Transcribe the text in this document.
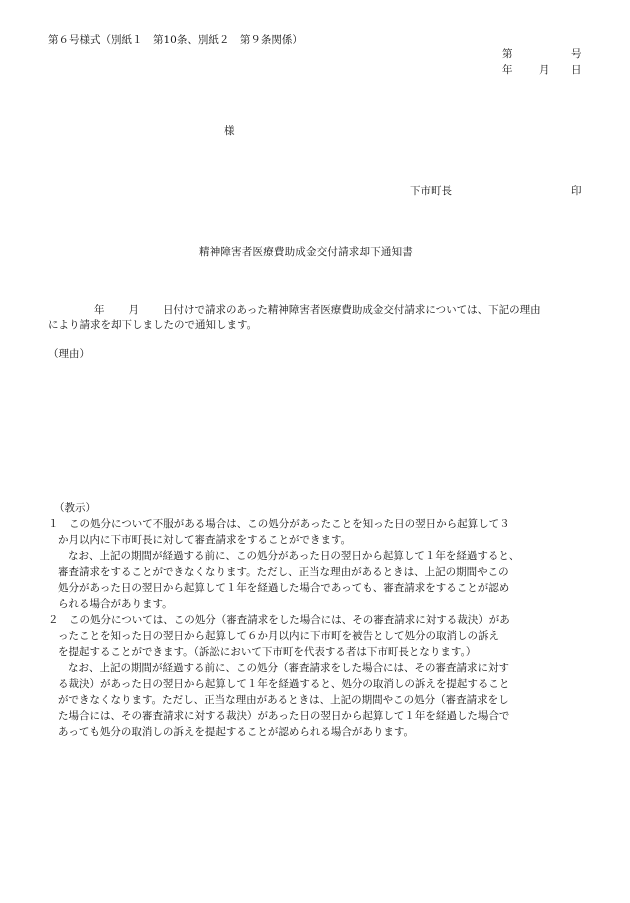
第６号様式（別紙１　第10条、別紙２　第９条関係）
第	号
年	月 日
様
下市町長	印
精神障害者医療費助成金交付請求却下通知書
年 月 日付けで請求のあった精神障害者医療費助成金交付請求については、下記の理由
により請求を却下しましたので通知します。
（理由）
（教示）
１　この処分について不服がある場合は、この処分があったことを知った日の翌日から起算して３
か月以内に下市町長に対して審査請求をすることができます。
なお、上記の期間が経過する前に、この処分があった日の翌日から起算して１年を経過すると、
審査請求をすることができなくなります。ただし、正当な理由があるときは、上記の期間やこの
処分があった日の翌日から起算して１年を経過した場合であっても、審査請求をすることが認め
られる場合があります。
２　この処分については、この処分（審査請求をした場合には、その審査請求に対する裁決）があ
ったことを知った日の翌日から起算して６か月以内に下市町を被告として処分の取消しの訴え
を提起することができます。（訴訟において下市町を代表する者は下市町長となります。）
なお、上記の期間が経過する前に、この処分（審査請求をした場合には、その審査請求に対す
る裁決）があった日の翌日から起算して１年を経過すると、処分の取消しの訴えを提起すること
ができなくなります。ただし、正当な理由があるときは、上記の期間やこの処分（審査請求をし
た場合には、その審査請求に対する裁決）があった日の翌日から起算して１年を経過した場合で
あっても処分の取消しの訴えを提起することが認められる場合があります。
